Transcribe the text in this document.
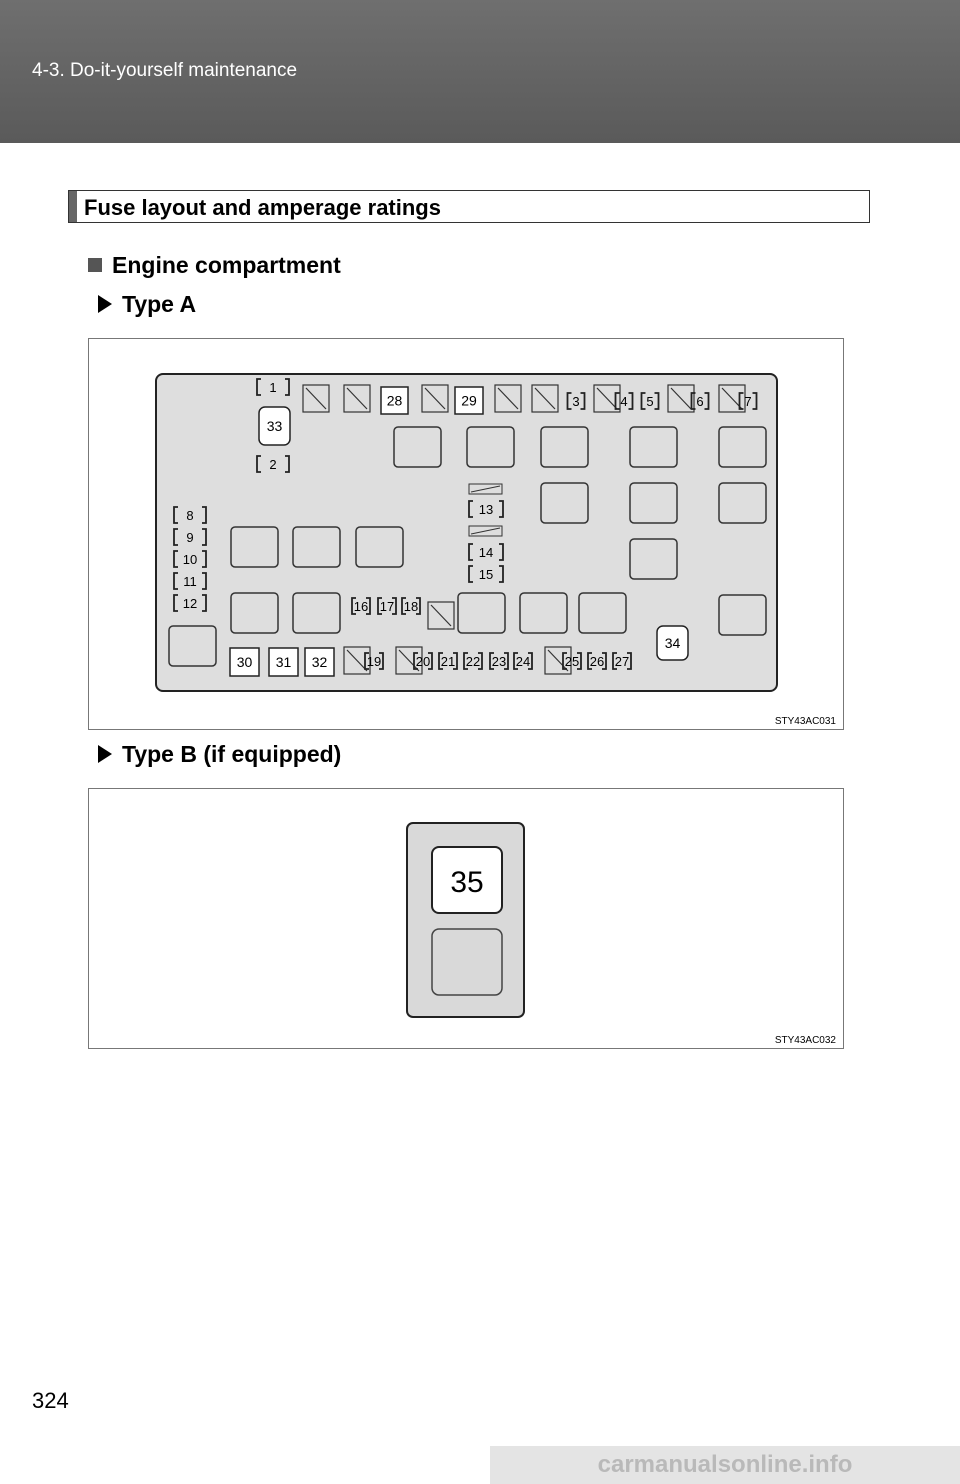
4-3. Do-it-yourself maintenance
Fuse layout and amperage ratings
Engine compartment
Type A
28	29
33
34
30 31 32
1
2
3	4 5	6	7
8
9
10
11
12
13
14
15
16 17 18
19	20 21 22 23 24	25 26 27
STY43AC031
Type B (if equipped)
35
STY43AC032
324
carmanualsonline.info
